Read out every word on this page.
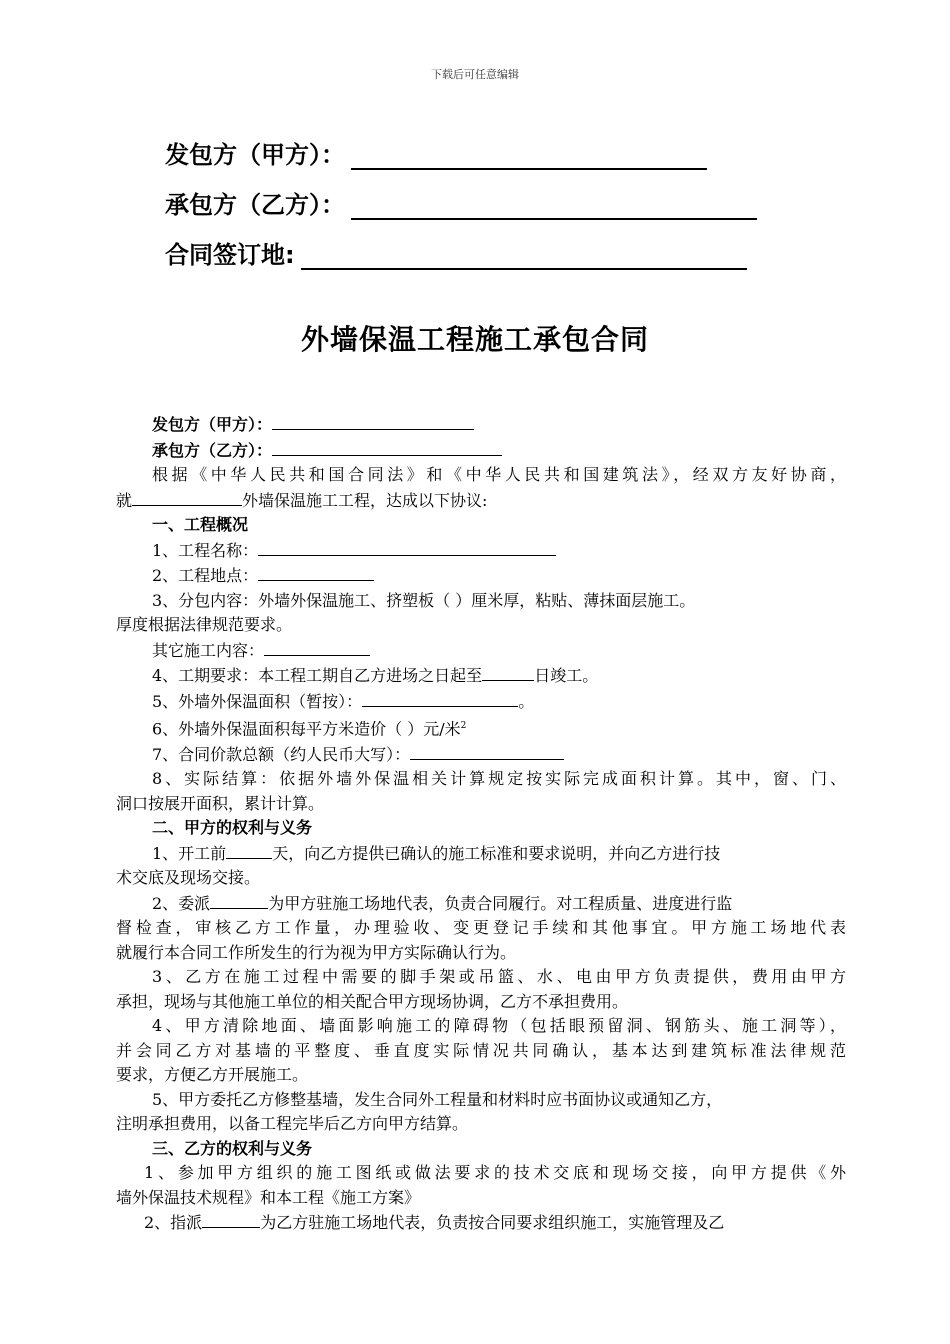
下载后可任意编辑
发包方（甲方）：
承包方（乙方）：
合同签订地:
外墙保温工程施工承包合同
发包方（甲方）：
承包方（乙方）：
根据《中华人民共和国合同法》和《中华人民共和国建筑法》，经双方友好协商，
就	外墙保温施工工程，达成以下协议:
一、工程概况
1、工程名称：
2、工程地点：
3、分包内容：外墙外保温施工、挤塑板（ ）厘米厚，粘贴、薄抹面层施工。
厚度根据法律规范要求。
其它施工内容：
4、工期要求：本工程工期自乙方进场之日起至	日竣工。
5、外墙外保温面积（暂按）：	。
6、外墙外保温面积每平方米造价（ ）元/米$^2$
7、合同价款总额（约人民币大写）：
8、实际结算：依据外墙外保温相关计算规定按实际完成面积计算。其中，窗、门、
洞口按展开面积，累计计算。
二、甲方的权利与义务
1、开工前	天，向乙方提供已确认的施工标准和要求说明，并向乙方进行技
术交底及现场交接。
2、委派	为甲方驻施工场地代表，负责合同履行。对工程质量、进度进行监
督检查，审核乙方工作量，办理验收、变更登记手续和其他事宜。甲方施工场地代表
就履行本合同工作所发生的行为视为甲方实际确认行为。
3、乙方在施工过程中需要的脚手架或吊篮、水、电由甲方负责提供，费用由甲方
承担，现场与其他施工单位的相关配合甲方现场协调，乙方不承担费用。
4、甲方清除地面、墙面影响施工的障碍物（包括眼预留洞、钢筋头、施工洞等），
并会同乙方对基墙的平整度、垂直度实际情况共同确认，基本达到建筑标准法律规范
要求，方便乙方开展施工。
5、甲方委托乙方修整基墙，发生合同外工程量和材料时应书面协议或通知乙方，
注明承担费用，以备工程完毕后乙方向甲方结算。
三、乙方的权利与义务
1、参加甲方组织的施工图纸或做法要求的技术交底和现场交接，向甲方提供《外
墙外保温技术规程》和本工程《施工方案》
2、指派	为乙方驻施工场地代表，负责按合同要求组织施工，实施管理及乙
